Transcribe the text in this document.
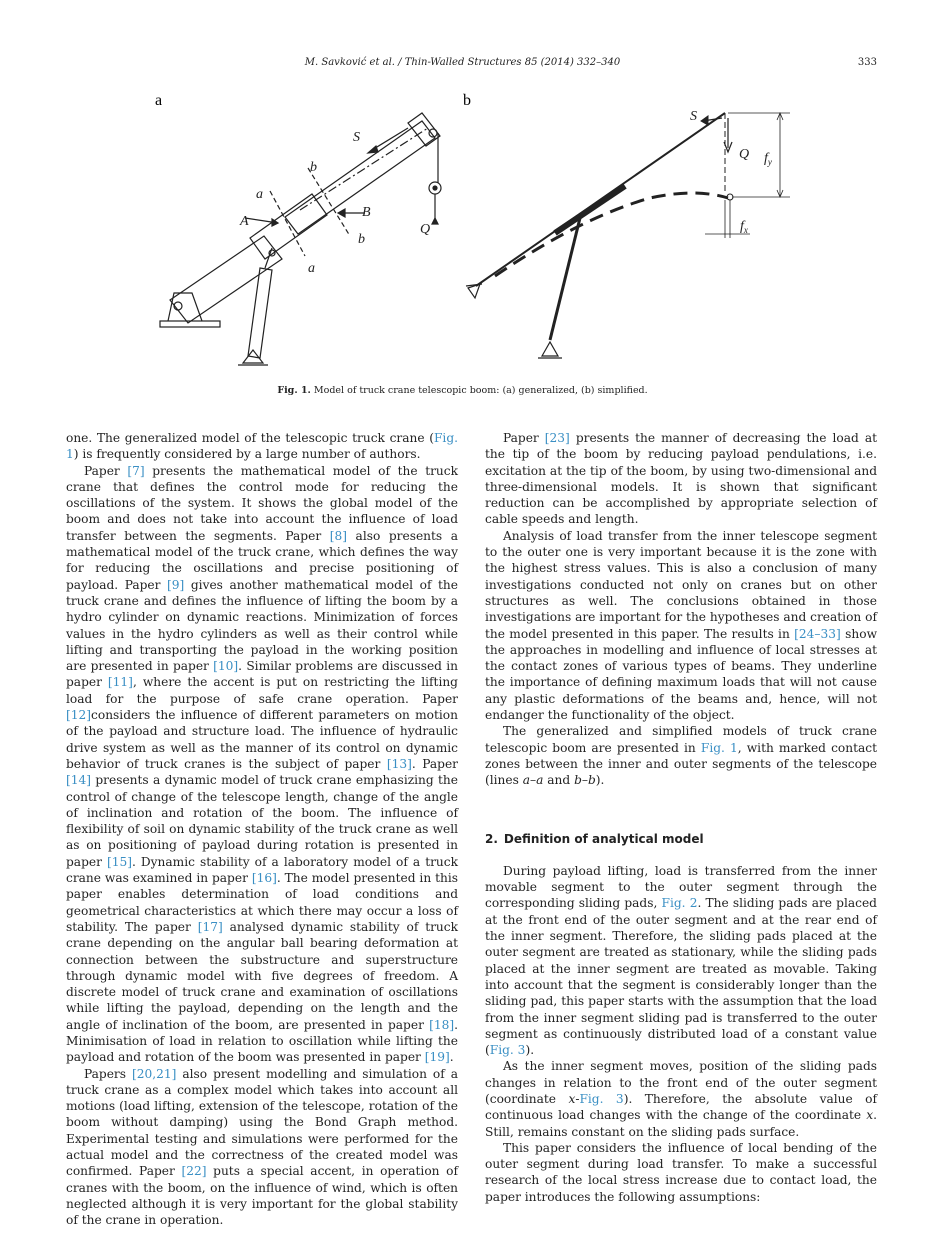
M. Savković et al. / Thin-Walled Structures 85 (2014) 332–340	333
a
S
Q
A
B
a
a
b
b
b
S
Q $f_y$
$f_x$
Fig. 1. Model of truck crane telescopic boom: (a) generalized, (b) simplified.

one. The generalized model of the telescopic truck crane (Fig. 1) is frequently considered by a large number of authors.

Paper [7] presents the mathematical model of the truck crane that defines the control mode for reducing the oscillations of the system. It shows the global model of the boom and does not take into account the influence of load transfer between the segments. Paper [8] also presents a mathematical model of the truck crane, which defines the way for reducing the oscillations and precise positioning of payload. Paper [9] gives another mathematical model of the truck crane and defines the influence of lifting the boom by a hydro cylinder on dynamic reactions. Minimization of forces values in the hydro cylinders as well as their control while lifting and transporting the payload in the working position are presented in paper [10]. Similar problems are discussed in paper [11], where the accent is put on restricting the lifting load for the purpose of safe crane operation. Paper [12]considers the influence of different parameters on motion of the payload and structure load. The influence of hydraulic drive system as well as the manner of its control on dynamic behavior of truck cranes is the subject of paper [13]. Paper [14] presents a dynamic model of truck crane emphasizing the control of change of the telescope length, change of the angle of inclination and rotation of the boom. The influence of flexibility of soil on dynamic stability of the truck crane as well as on positioning of payload during rotation is presented in paper [15]. Dynamic stability of a laboratory model of a truck crane was examined in paper [16]. The model presented in this paper enables determination of load conditions and geometrical characteristics at which there may occur a loss of stability. The paper [17] analysed dynamic stability of truck crane depending on the angular ball bearing deformation at connection between the substructure and superstructure through dynamic model with five degrees of freedom. A discrete model of truck crane and examination of oscillations while lifting the payload, depending on the length and the angle of inclination of the boom, are presented in paper [18]. Minimisation of load in relation to oscillation while lifting the payload and rotation of the boom was presented in paper [19].

Papers [20,21] also present modelling and simulation of a truck crane as a complex model which takes into account all motions (load lifting, extension of the telescope, rotation of the boom without damping) using the Bond Graph method. Experimental testing and simulations were performed for the actual model and the correctness of the created model was confirmed. Paper [22] puts a special accent, in operation of cranes with the boom, on the influence of wind, which is often neglected although it is very important for the global stability of the crane in operation.

Paper [23] presents the manner of decreasing the load at the tip of the boom by reducing payload pendulations, i.e. excitation at the tip of the boom, by using two-dimensional and three-dimensional models. It is shown that significant reduction can be accomplished by appropriate selection of cable speeds and length.

Analysis of load transfer from the inner telescope segment to the outer one is very important because it is the zone with the highest stress values. This is also a conclusion of many investigations conducted not only on cranes but on other structures as well. The conclusions obtained in those investigations are important for the hypotheses and creation of the model presented in this paper. The results in [24–33] show the approaches in modelling and influence of local stresses at the contact zones of various types of beams. They underline the importance of defining maximum loads that will not cause any plastic deformations of the beams and, hence, will not endanger the functionality of the object.

The generalized and simplified models of truck crane telescopic boom are presented in Fig. 1, with marked contact zones between the inner and outer segments of the telescope (lines a–a and b–b).

2. Definition of analytical model

During payload lifting, load is transferred from the inner movable segment to the outer segment through the corresponding sliding pads, Fig. 2. The sliding pads are placed at the front end of the outer segment and at the rear end of the inner segment. Therefore, the sliding pads placed at the outer segment are treated as stationary, while the sliding pads placed at the inner segment are treated as movable. Taking into account that the segment is considerably longer than the sliding pad, this paper starts with the assumption that the load from the inner segment sliding pad is transferred to the outer segment as continuously distributed load of a constant value (Fig. 3).

As the inner segment moves, position of the sliding pads changes in relation to the front end of the outer segment (coordinate x-Fig. 3). Therefore, the absolute value of continuous load changes with the change of the coordinate x. Still, remains constant on the sliding pads surface.

This paper considers the influence of local bending of the outer segment during load transfer. To make a successful research of the local stress increase due to contact load, the paper introduces the following assumptions:
